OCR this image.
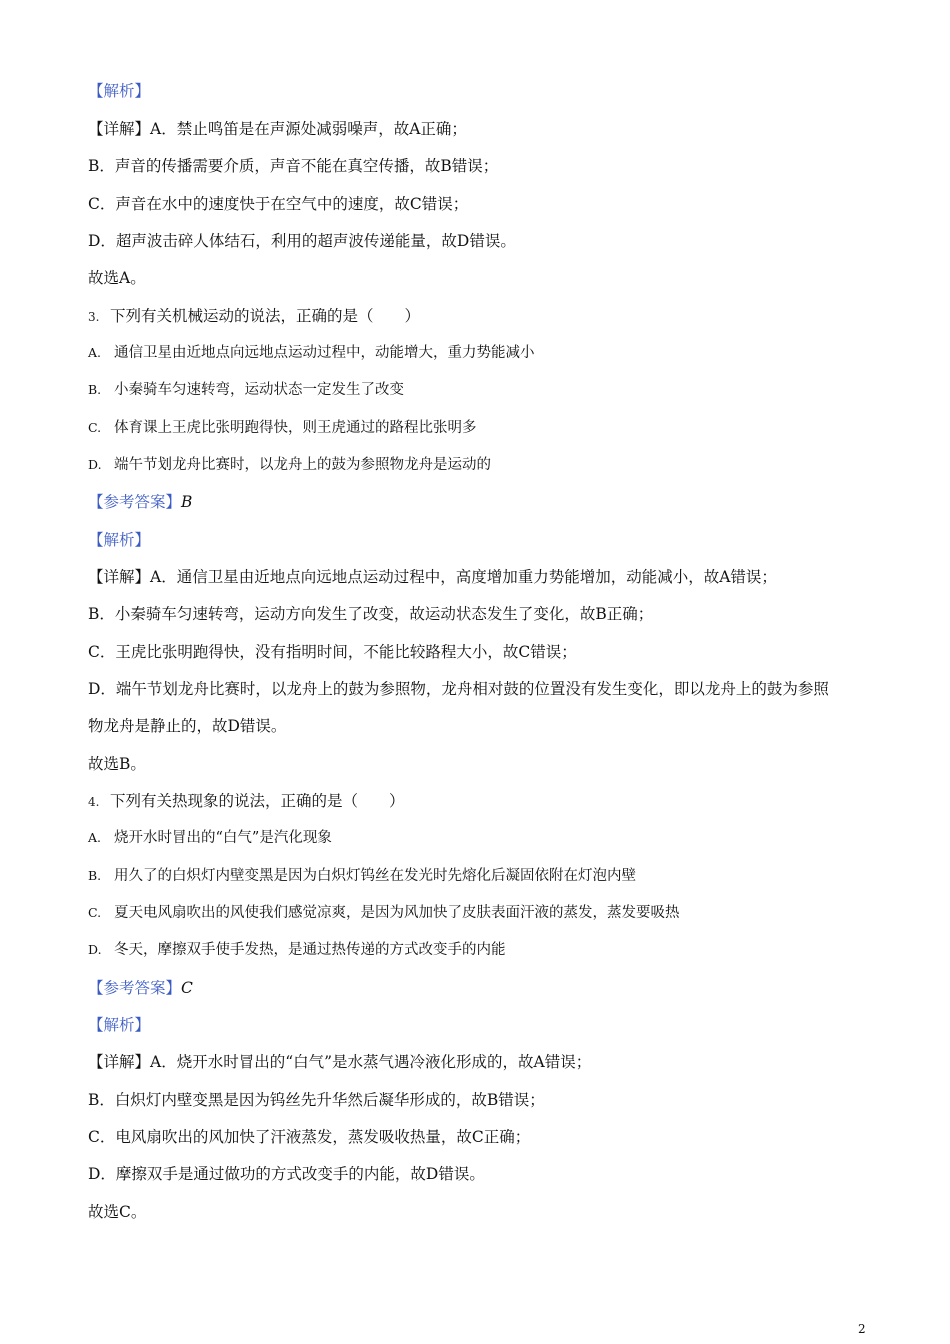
【解析】
【详解】A．禁止鸣笛是在声源处减弱噪声，故A正确；
B．声音的传播需要介质，声音不能在真空传播，故B错误；
C．声音在水中的速度快于在空气中的速度，故C错误；
D．超声波击碎人体结石，利用的超声波传递能量，故D错误。
故选A。
3. 下列有关机械运动的说法，正确的是（　　）
A. 通信卫星由近地点向远地点运动过程中，动能增大，重力势能减小
B. 小秦骑车匀速转弯，运动状态一定发生了改变
C. 体育课上王虎比张明跑得快，则王虎通过的路程比张明多
D. 端午节划龙舟比赛时，以龙舟上的鼓为参照物龙舟是运动的
【参考答案】B
【解析】
【详解】A．通信卫星由近地点向远地点运动过程中，高度增加重力势能增加，动能减小，故A错误；
B．小秦骑车匀速转弯，运动方向发生了改变，故运动状态发生了变化，故B正确；
C．王虎比张明跑得快，没有指明时间，不能比较路程大小，故C错误；
D．端午节划龙舟比赛时，以龙舟上的鼓为参照物，龙舟相对鼓的位置没有发生变化，即以龙舟上的鼓为参照
物龙舟是静止的，故D错误。
故选B。
4. 下列有关热现象的说法，正确的是（　　）
A. 烧开水时冒出的“白气”是汽化现象
B. 用久了的白炽灯内壁变黑是因为白炽灯钨丝在发光时先熔化后凝固依附在灯泡内壁
C. 夏天电风扇吹出的风使我们感觉凉爽，是因为风加快了皮肤表面汗液的蒸发，蒸发要吸热
D. 冬天，摩擦双手使手发热，是通过热传递的方式改变手的内能
【参考答案】C
【解析】
【详解】A．烧开水时冒出的“白气”是水蒸气遇冷液化形成的，故A错误；
B．白炽灯内壁变黑是因为钨丝先升华然后凝华形成的，故B错误；
C．电风扇吹出的风加快了汗液蒸发，蒸发吸收热量，故C正确；
D．摩擦双手是通过做功的方式改变手的内能，故D错误。
故选C。
2
